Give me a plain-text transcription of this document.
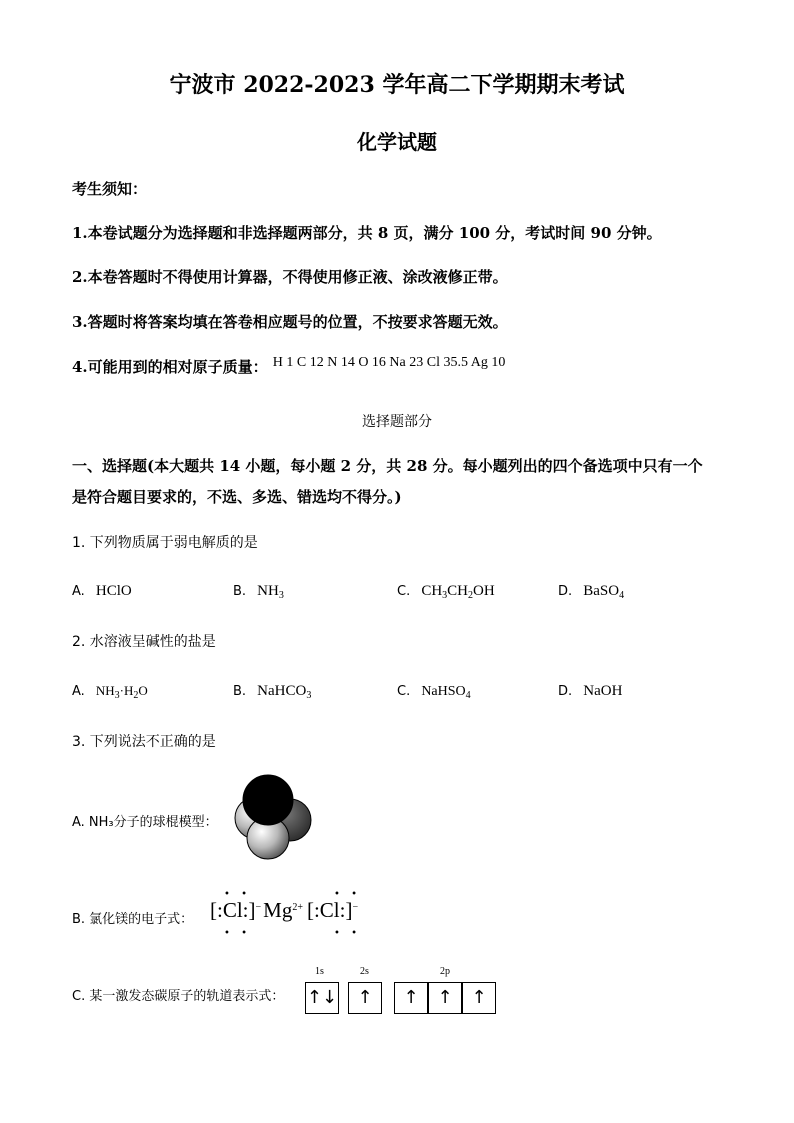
宁波市 2022-2023 学年高二下学期期末考试
化学试题
考生须知：
1.本卷试题分为选择题和非选择题两部分，共 8 页，满分 100 分，考试时间 90 分钟。
2.本卷答题时不得使用计算器，不得使用修正液、涂改液修正带。
3.答题时将答案均填在答卷相应题号的位置，不按要求答题无效。
4.可能用到的相对原子质量： H 1 C 12 N 14 O 16 Na 23 Cl 35.5 Ag 10
选择题部分
一、选择题(本大题共 14 小题，每小题 2 分，共 28 分。每小题列出的四个备选项中只有一个
是符合题目要求的，不选、多选、错选均不得分。)
1. 下列物质属于弱电解质的是
A. HClO	B. $NH_3$	C. $CH_3CH_2OH$	D. BaSO$_4$
2. 水溶液呈碱性的盐是
A. $NH_3\cdot H_2O$	B. NaHCO$_3$	C. NaHSO$_4$	D. NaOH
3. 下列说法不正确的是
A. NH₃分子的球棍模型：
B. 氯化镁的电子式： $[:Cl:]^-Mg^{2+}$ [:Cl:]−
• •	• •
• •	• •
C. 某一激发态碳原子的轨道表示式：
1s	2s	2p
↑↓	↑	↑	↑	↑
